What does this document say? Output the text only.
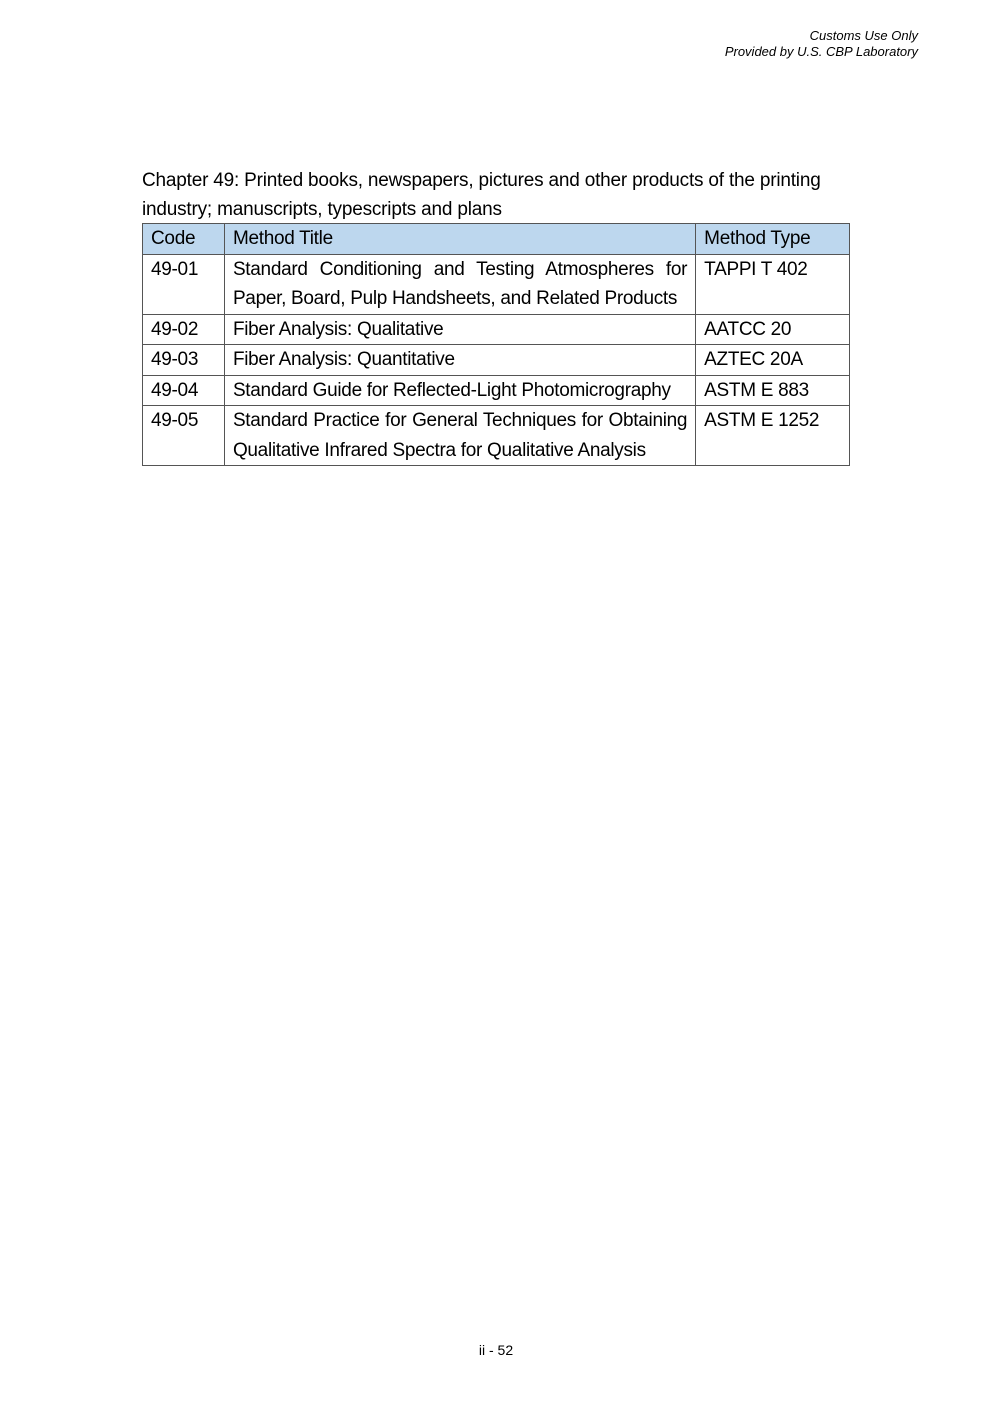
Customs Use Only
Provided by U.S. CBP Laboratory
Chapter 49: Printed books, newspapers, pictures and other products of the printing industry; manuscripts, typescripts and plans
Code	Method Title	Method Type
49-01	Standard Conditioning and Testing Atmospheres for Paper, Board, Pulp Handsheets, and Related Products	TAPPI T 402
49-02	Fiber Analysis: Qualitative	AATCC 20
49-03	Fiber Analysis: Quantitative	AZTEC 20A
49-04	Standard Guide for Reflected-Light Photomicrography	ASTM E 883
49-05	Standard Practice for General Techniques for Obtaining Qualitative Infrared Spectra for Qualitative Analysis	ASTM E 1252
ii - 52
